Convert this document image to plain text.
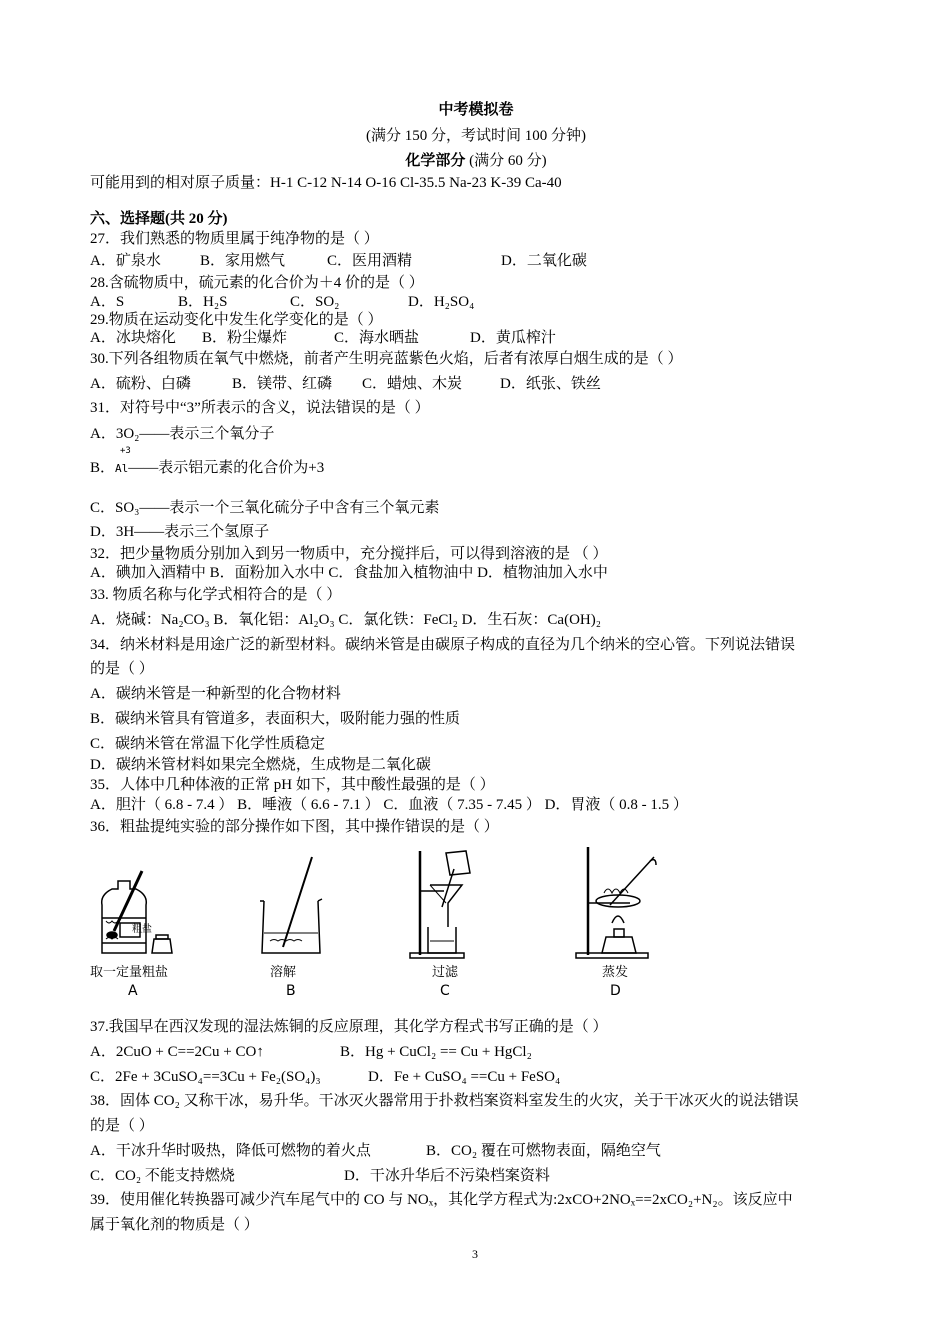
中考模拟卷
(满分 150 分，考试时间 100 分钟)
化学部分 (满分 60 分)
可能用到的相对原子质量：H-1 C-12 N-14 O-16 Cl-35.5 Na-23 K-39 Ca-40
六、选择题(共 20 分)
27．我们熟悉的物质里属于纯净物的是（ ）
A．矿泉水	B．家用燃气	C．医用酒精	D．二氧化碳
28.含硫物质中，硫元素的化合价为＋4 价的是（ ）
A．S	B．H₂S	C．SO₂	D．H₂SO₄
29.物质在运动变化中发生化学变化的是（ ）
A．冰块熔化 B．粉尘爆炸	C．海水晒盐	D．黄瓜榨汁
30.下列各组物质在氧气中燃烧，前者产生明亮蓝紫色火焰，后者有浓厚白烟生成的是（ ）
A．硫粉、白磷	B．镁带、红磷 C．蜡烛、木炭	D．纸张、铁丝
31．对符号中“3”所表示的含义，说法错误的是（ ）
A．3O₂——表示三个氧分子
+3
B．Al——表示铝元素的化合价为+3
C．SO₃——表示一个三氧化硫分子中含有三个氧元素
D．3H——表示三个氢原子
32．把少量物质分别加入到另一物质中，充分搅拌后，可以得到溶液的是 （ ）
A．碘加入酒精中 B．面粉加入水中 C．食盐加入植物油中 D．植物油加入水中
33. 物质名称与化学式相符合的是（ ）
A．烧碱：Na₂CO₃ B．氧化铝：Al₂O₃ C．氯化铁：FeCl₂ D．生石灰：Ca(OH)₂
34．纳米材料是用途广泛的新型材料。碳纳米管是由碳原子构成的直径为几个纳米的空心管。下列说法错误
的是（ ）
A．碳纳米管是一种新型的化合物材料
B．碳纳米管具有管道多，表面积大，吸附能力强的性质
C．碳纳米管在常温下化学性质稳定
D．碳纳米管材料如果完全燃烧，生成物是二氧化碳
35．人体中几种体液的正常 pH 如下，其中酸性最强的是（ ）
A．胆汁（ 6.8 - 7.4 ） B．唾液（ 6.6 - 7.1 ） C．血液（ 7.35 - 7.45 ） D．胃液（ 0.8 - 1.5 ）
36．粗盐提纯实验的部分操作如下图，其中操作错误的是（ ）
粗盐
取一定量粗盐	溶解	过滤	蒸发
A	B	C	D
37.我国早在西汉发现的湿法炼铜的反应原理，其化学方程式书写正确的是（ ）
A．2CuO + C==2Cu + CO↑	B．Hg + CuCl₂ == Cu + HgCl₂
C．2Fe + 3CuSO₄==3Cu + Fe₂(SO₄)₃	D．Fe + CuSO₄ ==Cu + FeSO₄
38．固体 CO₂ 又称干冰，易升华。干冰灭火器常用于扑救档案资料室发生的火灾，关于干冰灭火的说法错误
的是（ ）
A．干冰升华时吸热，降低可燃物的着火点	B．CO₂ 覆在可燃物表面，隔绝空气
C．CO₂ 不能支持燃烧	D．干冰升华后不污染档案资料
39．使用催化转换器可减少汽车尾气中的 CO 与 NOₓ，其化学方程式为:2xCO+2NOₓ==2xCO₂+N₂。该反应中
属于氧化剂的物质是（ ）
3
